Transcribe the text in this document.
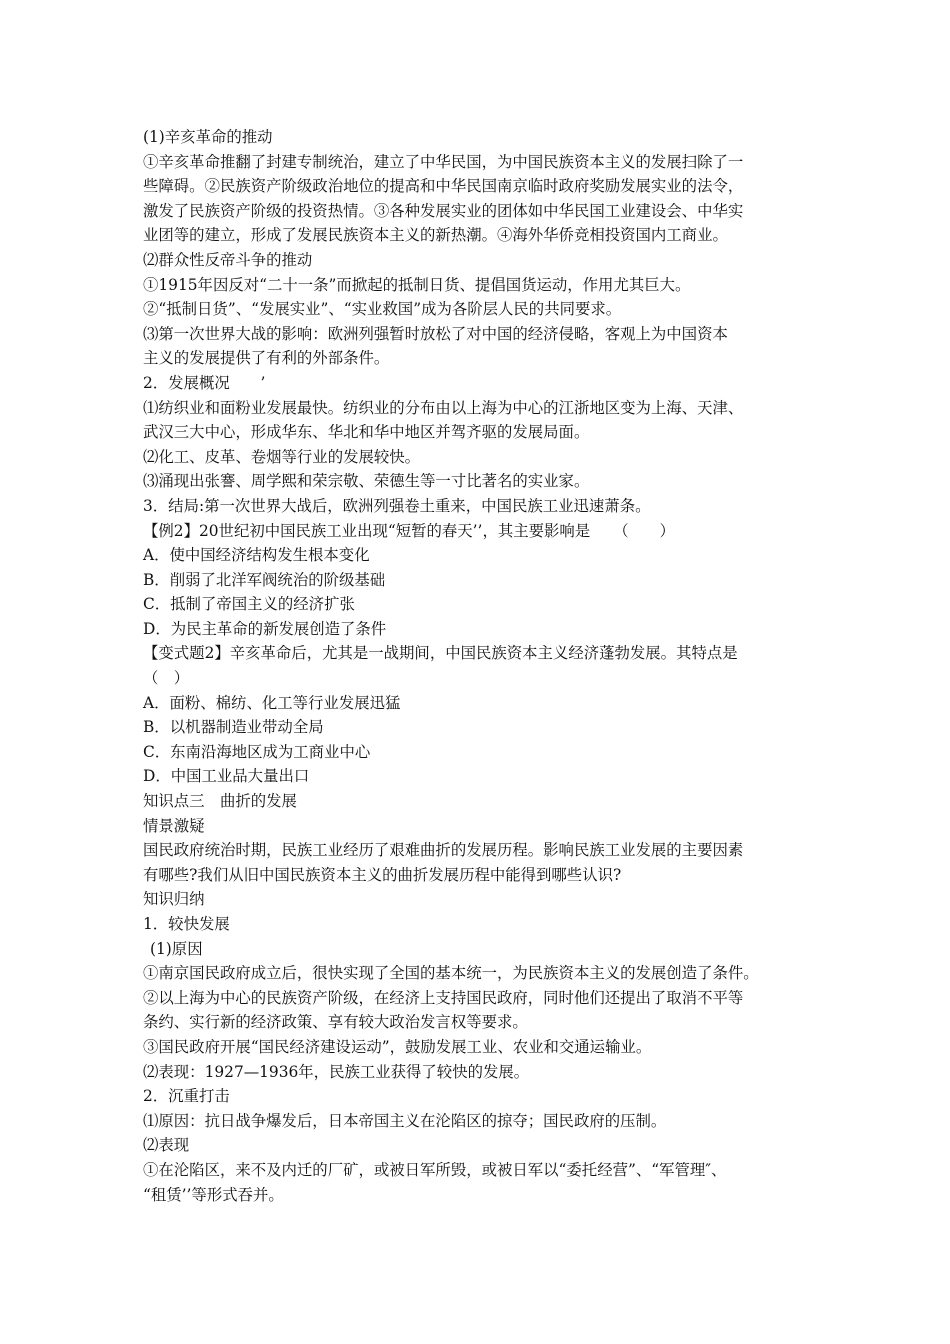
(1)辛亥革命的推动
①辛亥革命推翻了封建专制统治，建立了中华民国，为中国民族资本主义的发展扫除了一
些障碍。②民族资产阶级政治地位的提高和中华民国南京临时政府奖励发展实业的法令，
激发了民族资产阶级的投资热情。③各种发展实业的团体如中华民国工业建设会、中华实
业团等的建立，形成了发展民族资本主义的新热潮。④海外华侨竞相投资国内工商业。
⑵群众性反帝斗争的推动
①1915年因反对“二十一条”而掀起的抵制日货、提倡国货运动，作用尤其巨大。
②“抵制日货”、“发展实业”、“实业救国”成为各阶层人民的共同要求。
⑶第一次世界大战的影响：欧洲列强暂时放松了对中国的经济侵略，客观上为中国资本
主义的发展提供了有利的外部条件。
2．发展概况　　’
⑴纺织业和面粉业发展最快。纺织业的分布由以上海为中心的江浙地区变为上海、天津、
武汉三大中心，形成华东、华北和华中地区并驾齐驱的发展局面。
⑵化工、皮革、卷烟等行业的发展较快。
⑶涌现出张謇、周学熙和荣宗敬、荣德生等一寸比著名的实业家。
3．结局:第一次世界大战后，欧洲列强卷土重来，中国民族工业迅速萧条。
【例2】20世纪初中国民族工业出现“短暂的春天’’，其主要影响是　　（　　）
A．使中国经济结构发生根本变化
B．削弱了北洋军阀统治的阶级基础
C．抵制了帝国主义的经济扩张
D．为民主革命的新发展创造了条件
【变式题2】辛亥革命后，尤其是一战期间，中国民族资本主义经济蓬勃发展。其特点是
（　）
A．面粉、棉纺、化工等行业发展迅猛
B．以机器制造业带动全局
C．东南沿海地区成为工商业中心
D．中国工业品大量出口
知识点三　曲折的发展
情景激疑
国民政府统治时期，民族工业经历了艰难曲折的发展历程。影响民族工业发展的主要因素
有哪些?我们从旧中国民族资本主义的曲折发展历程中能得到哪些认识?
知识归纳
1．较快发展
(1)原因
①南京国民政府成立后，很快实现了全国的基本统一，为民族资本主义的发展创造了条件。
②以上海为中心的民族资产阶级，在经济上支持国民政府，同时他们还提出了取消不平等
条约、实行新的经济政策、享有较大政治发言权等要求。
③国民政府开展“国民经济建设运动”，鼓励发展工业、农业和交通运输业。
⑵表现：1927—1936年，民族工业获得了较快的发展。
2．沉重打击
⑴原因：抗日战争爆发后，日本帝国主义在沦陷区的掠夺；国民政府的压制。
⑵表现
①在沦陷区，来不及内迁的厂矿，或被日军所毁，或被日军以“委托经营”、“军管理″、
“租赁’’等形式吞并。
